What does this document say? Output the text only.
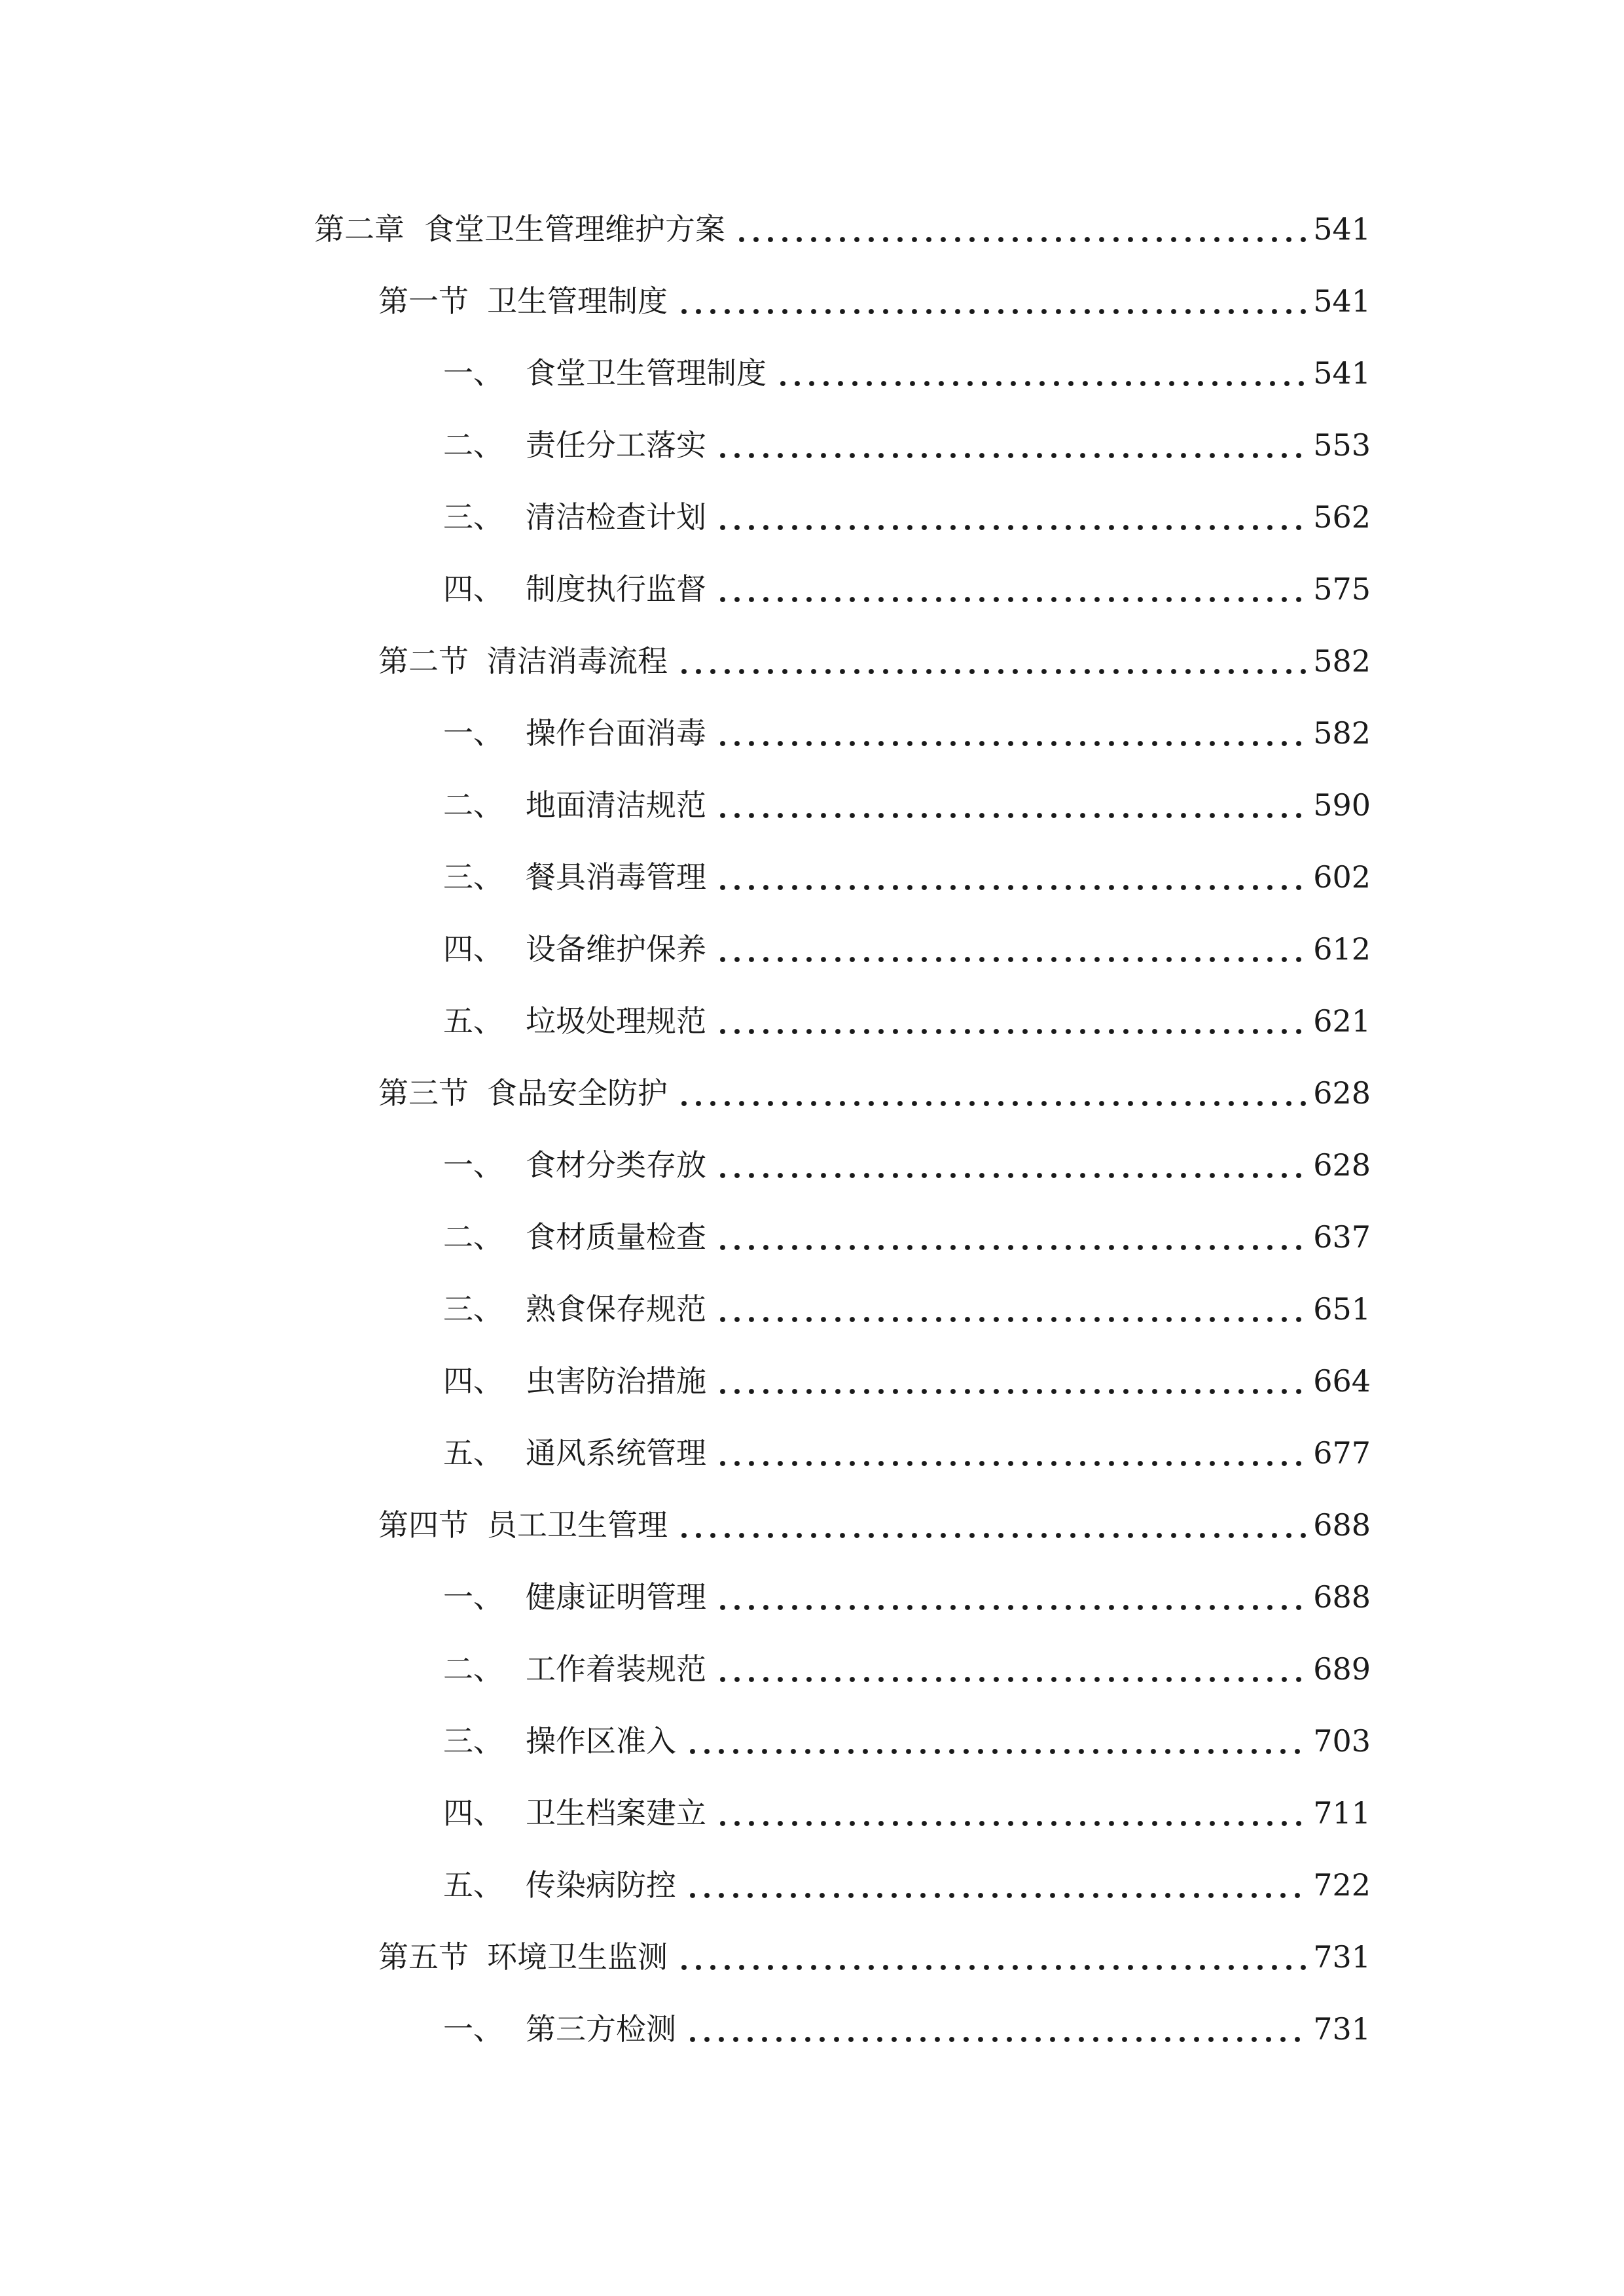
第二章 食堂卫生管理维护方案	541
第一节 卫生管理制度	541
一、 食堂卫生管理制度	541
二、 责任分工落实	553
三、 清洁检查计划	562
四、 制度执行监督	575
第二节 清洁消毒流程	582
一、 操作台面消毒	582
二、 地面清洁规范	590
三、 餐具消毒管理	602
四、 设备维护保养	612
五、 垃圾处理规范	621
第三节 食品安全防护	628
一、 食材分类存放	628
二、 食材质量检查	637
三、 熟食保存规范	651
四、 虫害防治措施	664
五、 通风系统管理	677
第四节 员工卫生管理	688
一、 健康证明管理	688
二、 工作着装规范	689
三、 操作区准入	703
四、 卫生档案建立	711
五、 传染病防控	722
第五节 环境卫生监测	731
一、 第三方检测	731
